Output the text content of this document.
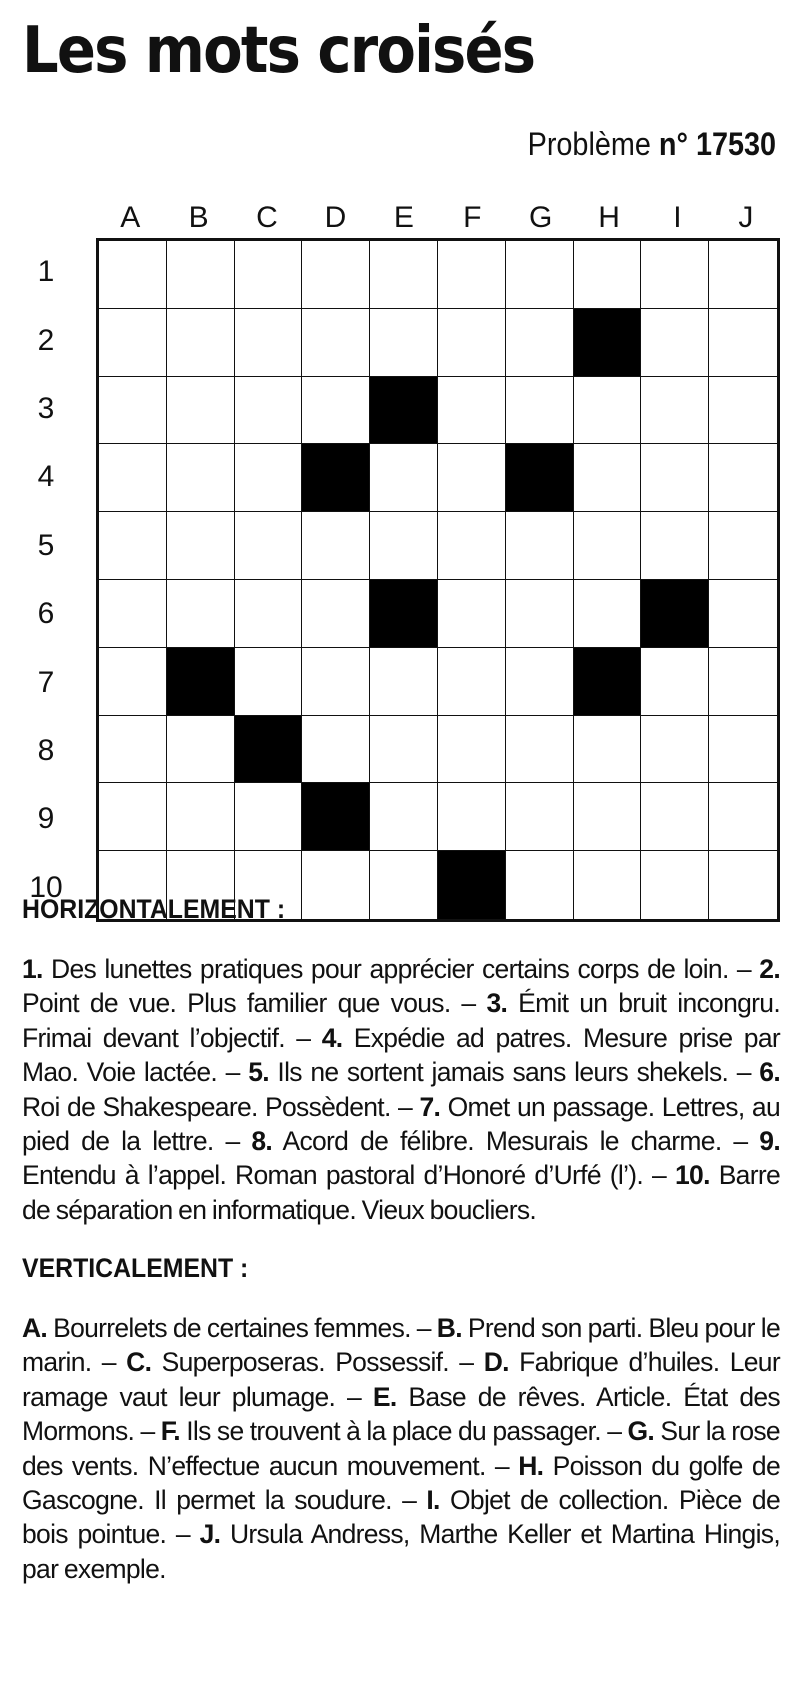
Les mots croisés
Problème n° 17530
A	B	C	D	E	F	G	H	I	J
1
2
3
4
5
6
7
8
9
10
HORIZONTALEMENT :
1. Des lunettes pratiques pour apprécier certains corps de loin. – 2. Point de vue. Plus familier que vous. – 3. Émit un bruit incongru. Frimai devant l’objectif. – 4. Expédie ad patres. Mesure prise par Mao. Voie lactée. – 5. Ils ne sortent jamais sans leurs shekels. – 6. Roi de Shakespeare. Possèdent. – 7. Omet un passage. Lettres, au pied de la lettre. – 8. Acord de félibre. Mesurais le charme. – 9. Entendu à l’appel. Roman pastoral d’Honoré d’Urfé (l’). – 10. Barre de séparation en informatique. Vieux boucliers.
VERTICALEMENT :
A. Bourrelets de certaines femmes. – B. Prend son parti. Bleu pour le marin. – C. Superposeras. Possessif. – D. Fabrique d’huiles. Leur ramage vaut leur plumage. – E. Base de rêves. Article. État des Mormons. – F. Ils se trouvent à la place du passager. – G. Sur la rose des vents. N’effectue aucun mouvement. – H. Poisson du golfe de Gascogne. Il permet la soudure. – I. Objet de collection. Pièce de bois pointue. – J. Ursula Andress, Marthe Keller et Martina Hingis, par exemple.
